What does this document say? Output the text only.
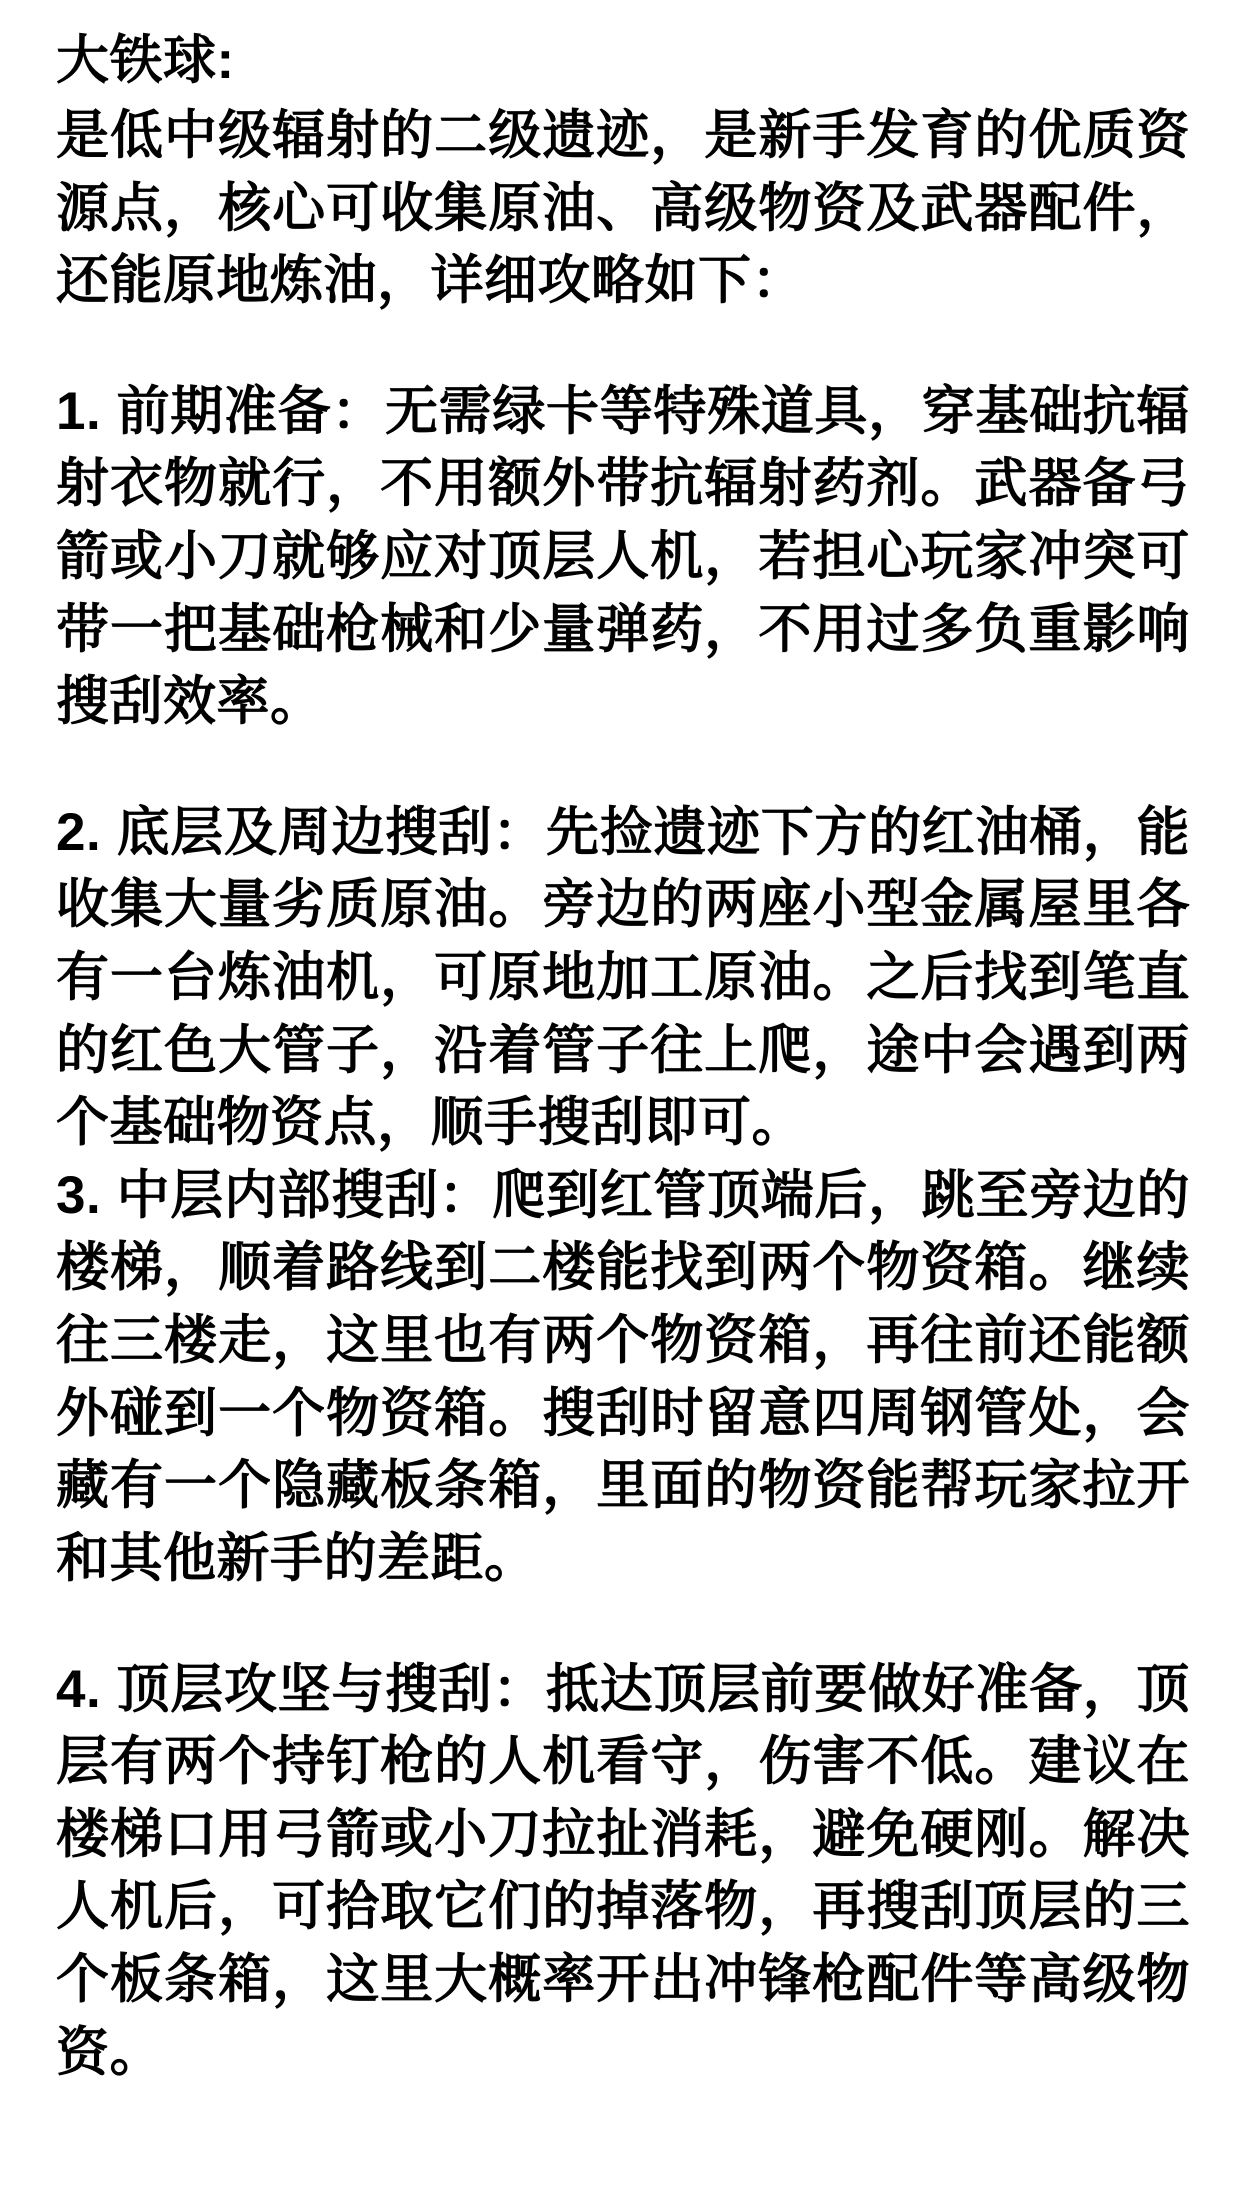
大铁球:

是低中级辐射的二级遗迹，是新手发育的优质资源点，核心可收集原油、高级物资及武器配件，还能原地炼油，详细攻略如下：

1. 前期准备：无需绿卡等特殊道具，穿基础抗辐射衣物就行，不用额外带抗辐射药剂。武器备弓箭或小刀就够应对顶层人机，若担心玩家冲突可带一把基础枪械和少量弹药，不用过多负重影响搜刮效率。

2. 底层及周边搜刮：先捡遗迹下方的红油桶，能收集大量劣质原油。旁边的两座小型金属屋里各有一台炼油机，可原地加工原油。之后找到笔直的红色大管子，沿着管子往上爬，途中会遇到两个基础物资点，顺手搜刮即可。

3. 中层内部搜刮：爬到红管顶端后，跳至旁边的楼梯，顺着路线到二楼能找到两个物资箱。继续往三楼走，这里也有两个物资箱，再往前还能额外碰到一个物资箱。搜刮时留意四周钢管处，会藏有一个隐藏板条箱，里面的物资能帮玩家拉开和其他新手的差距。

4. 顶层攻坚与搜刮：抵达顶层前要做好准备，顶层有两个持钉枪的人机看守，伤害不低。建议在楼梯口用弓箭或小刀拉扯消耗，避免硬刚。解决人机后，可拾取它们的掉落物，再搜刮顶层的三个板条箱，这里大概率开出冲锋枪配件等高级物资。
